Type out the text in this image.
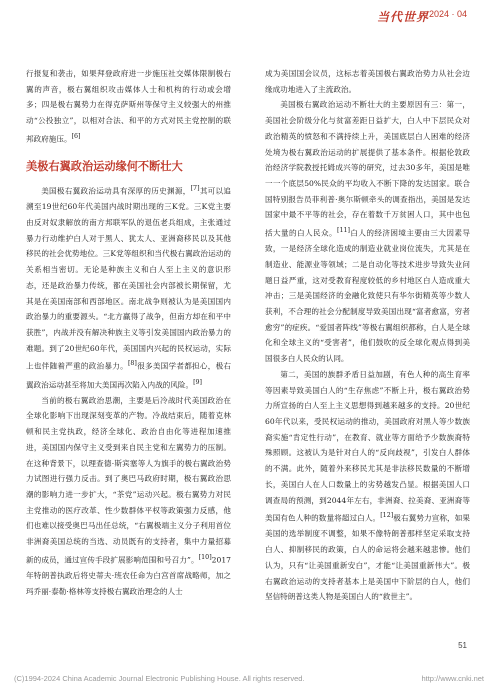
当代世界 2024 · 04

行报复和袭击，如果拜登政府进一步施压社交媒体限制极右翼的声音，极右翼组织攻击媒体人士和机构的行动或会增多；四是极右翼势力在得克萨斯州等保守主义较强大的州推动“公投独立”，以相对合法、和平的方式对民主党控制的联邦政府施压。[6]

美极右翼政治运动缘何不断壮大

美国极右翼政治运动具有深厚的历史渊源，[7]其可以追溯至19世纪60年代美国内战时期出现的三K党。三K党主要由反对奴隶解放的南方邦联军队的退伍老兵组成，主张通过暴力行动维护白人对于黑人、犹太人、亚洲裔移民以及其他移民的社会优势地位。三K党等组织和当代极右翼政治运动的关系相当密切。无论是种族主义和白人至上主义的意识形态，还是政治暴力传统，都在美国社会内部被长期保留，尤其是在美国南部和西部地区。南北战争则被认为是美国国内政治暴力的重要源头。“北方赢得了战争，但南方却在和平中获胜”，内战并没有解决种族主义等引发美国国内政治暴力的难题。到了20世纪60年代，美国国内兴起的民权运动，实际上也伴随着严重的政治暴力。[8]很多美国学者都担心，极右翼政治运动甚至将加大美国再次陷入内战的风险。[9]

当前的极右翼政治思潮，主要是后冷战时代美国政治在全球化影响下出现深刻变革的产物。冷战结束后，随着克林顿和民主党执政，经济全球化、政治自由化等进程加速推进，美国国内保守主义受到来自民主党和左翼势力的压制。在这种背景下，以理查德·斯宾塞等人为旗手的极右翼政治势力试图进行强力反击。到了奥巴马政府时期，极右翼政治思潮的影响力进一步扩大，“茶党”运动兴起。极右翼势力对民主党推动的医疗改革、性少数群体平权等政策强力反感，他们也难以接受奥巴马出任总统，“右翼极端主义分子利用首位非洲裔美国总统的当选、动员既有的支持者，集中力量招募新的成员，通过宣传手段扩展影响范围和号召力”。[10]2017年特朗普执政后将史蒂夫·班农任命为白宫首席战略师，加之玛乔丽·泰勒·格林等支持极右翼政治理念的人士

成为美国国会议员，这标志着美国极右翼政治势力从社会边缘成功地进入了主流政治。

美国极右翼政治运动不断壮大的主要原因有三：第一，美国社会阶级分化与贫富差距日益扩大，白人中下层民众对政治精英的愤怒和不满持续上升，美国底层白人困难的经济处境为极右翼政治运动的扩展提供了基本条件。根据伦敦政治经济学院教授托姆成兴等的研究，过去30多年，美国是唯一一个底层50%民众的平均收入不断下降的发达国家。联合国特别报告员菲利普·奥尔斯顿牵头的调查指出，美国是发达国家中最不平等的社会，存在着数千万贫困人口，其中也包括大量的白人民众。[11]白人的经济困境主要由三大因素导致，一是经济全球化造成的制造业就业岗位流失，尤其是在制造业、能源业等领域；二是自动化等技术进步导致失业问题日益严重，这对受教育程度较低的乡村地区白人造成重大冲击；三是美国经济的金融化致使只有华尔街精英等少数人获利，不合理的社会分配制度导致美国出现“富者愈富，穷者愈穷”的症疾。“爱国者阵线”等极右翼组织都称，白人是全球化和全球主义的“受害者”，他们鼓吹的反全球化观点得到美国很多白人民众的认同。

第二，美国的族群矛盾日益加剧，有色人种的高生育率等因素导致美国白人的“生存焦虑”不断上升，极右翼政治势力所宣扬的白人至上主义思想得到越来越多的支持。20世纪60年代以来，受民权运动的推动，美国政府对黑人等少数族裔实施“肯定性行动”，在教育、就业等方面给予少数族裔特殊照顾。这被认为是针对白人的“反向歧视”，引发白人群体的不满。此外，随着外来移民尤其是非法移民数量的不断增长，美国白人在人口数量上的劣势越发凸显。根据美国人口调查局的预测，到2044年左右，非洲裔、拉美裔、亚洲裔等美国有色人种的数量将超过白人。[12]极右翼势力宣称，如果美国的选举制度不调整，如果不像特朗普那样坚定采取支持白人、抑制移民的政策，白人的命运将会越来越悲惨。他们认为，只有“让美国重新安白”，才能“让美国重新伟大”。极右翼政治运动的支持者基本上是美国中下阶层的白人，他们坚信特朗普这类人物是美国白人的“救世主”。

51
(C)1994-2024 China Academic Journal Electronic Publishing House. All rights reserved.	http://www.cnki.net
